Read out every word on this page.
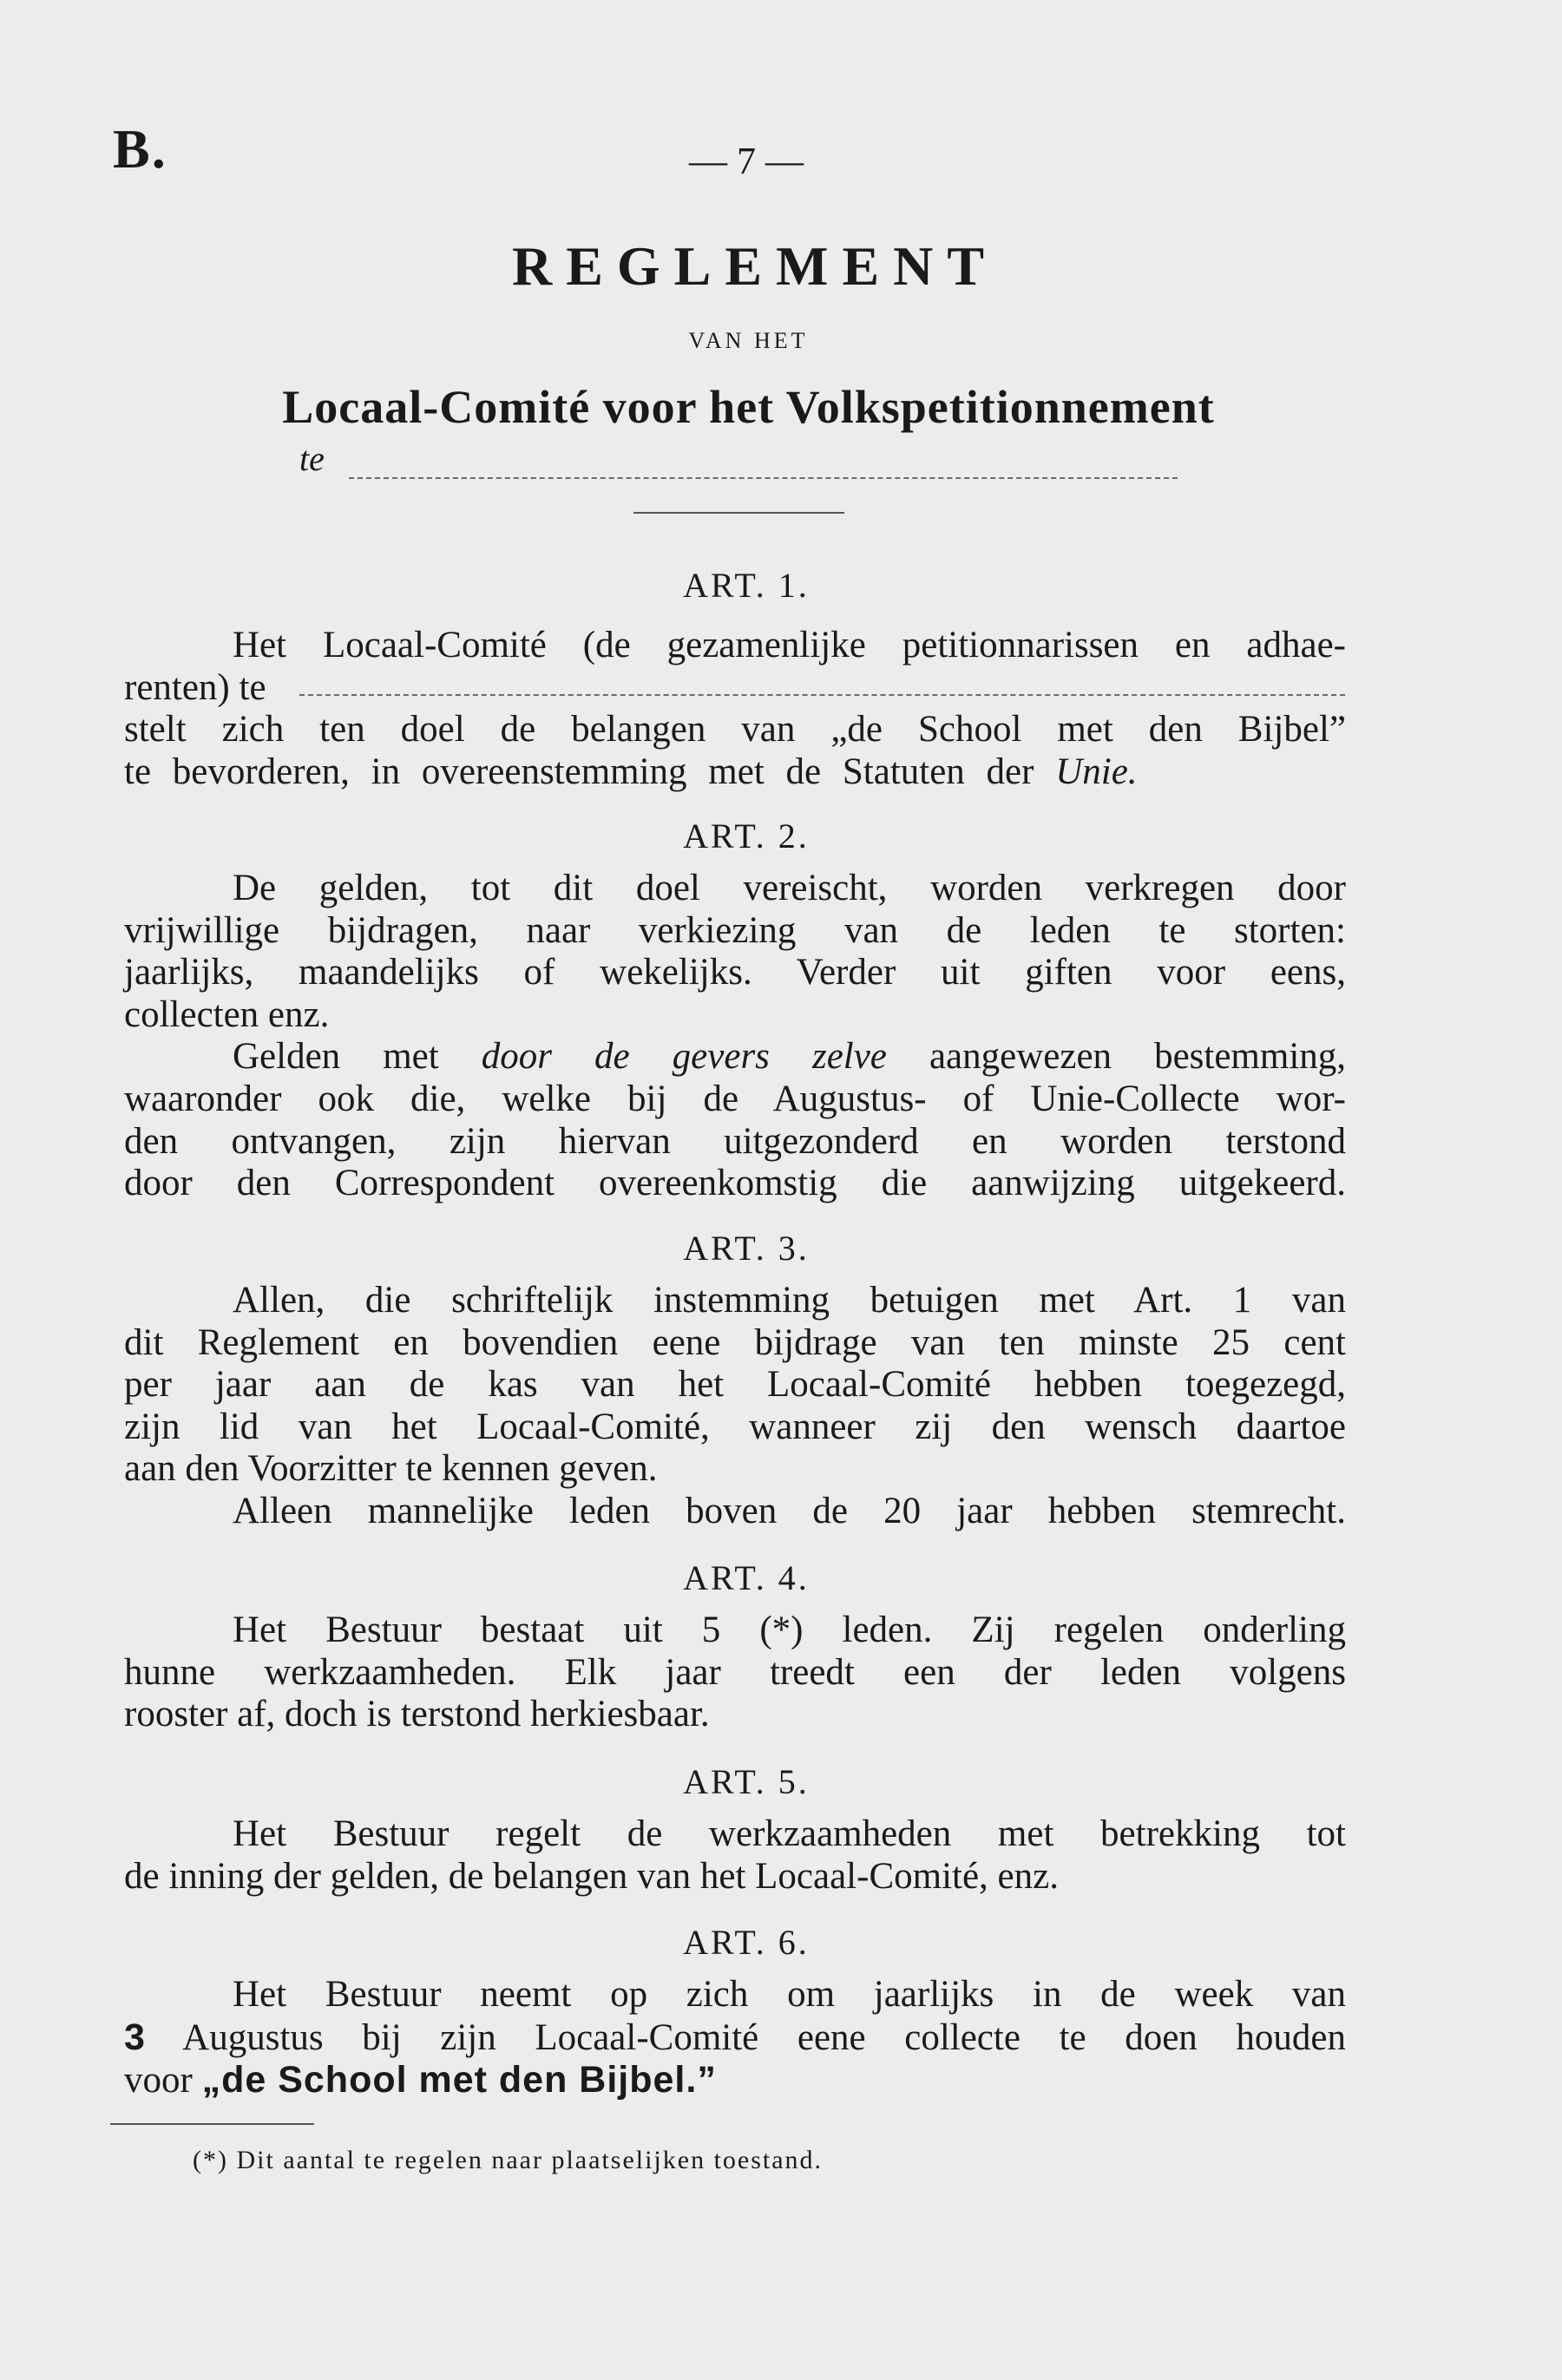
B.	— 7 —
REGLEMENT
VAN HET
Locaal-Comité voor het Volkspetitionnement
te
ART. 1.
Het Locaal-Comité (de gezamenlijke petitionnarissen en adhae-
renten) te
stelt zich ten doel de belangen van „de School met den Bijbel”
te bevorderen, in overeenstemming met de Statuten der Unie.
ART. 2.
De gelden, tot dit doel vereischt, worden verkregen door
vrijwillige bijdragen, naar verkiezing van de leden te storten:
jaarlijks, maandelijks of wekelijks. Verder uit giften voor eens,
collecten enz.
Gelden met door de gevers zelve aangewezen bestemming,
waaronder ook die, welke bij de Augustus- of Unie-Collecte wor-
den ontvangen, zijn hiervan uitgezonderd en worden terstond
door den Correspondent overeenkomstig die aanwijzing uitgekeerd.
ART. 3.
Allen, die schriftelijk instemming betuigen met Art. 1 van
dit Reglement en bovendien eene bijdrage van ten minste 25 cent
per jaar aan de kas van het Locaal-Comité hebben toegezegd,
zijn lid van het Locaal-Comité, wanneer zij den wensch daartoe
aan den Voorzitter te kennen geven.
Alleen mannelijke leden boven de 20 jaar hebben stemrecht.
ART. 4.
Het Bestuur bestaat uit 5 (*) leden. Zij regelen onderling
hunne werkzaamheden. Elk jaar treedt een der leden volgens
rooster af, doch is terstond herkiesbaar.
ART. 5.
Het Bestuur regelt de werkzaamheden met betrekking tot
de inning der gelden, de belangen van het Locaal-Comité, enz.
ART. 6.
Het Bestuur neemt op zich om jaarlijks in de week van
3 Augustus bij zijn Locaal-Comité eene collecte te doen houden
voor „de School met den Bijbel.”
(*) Dit aantal te regelen naar plaatselijken toestand.
